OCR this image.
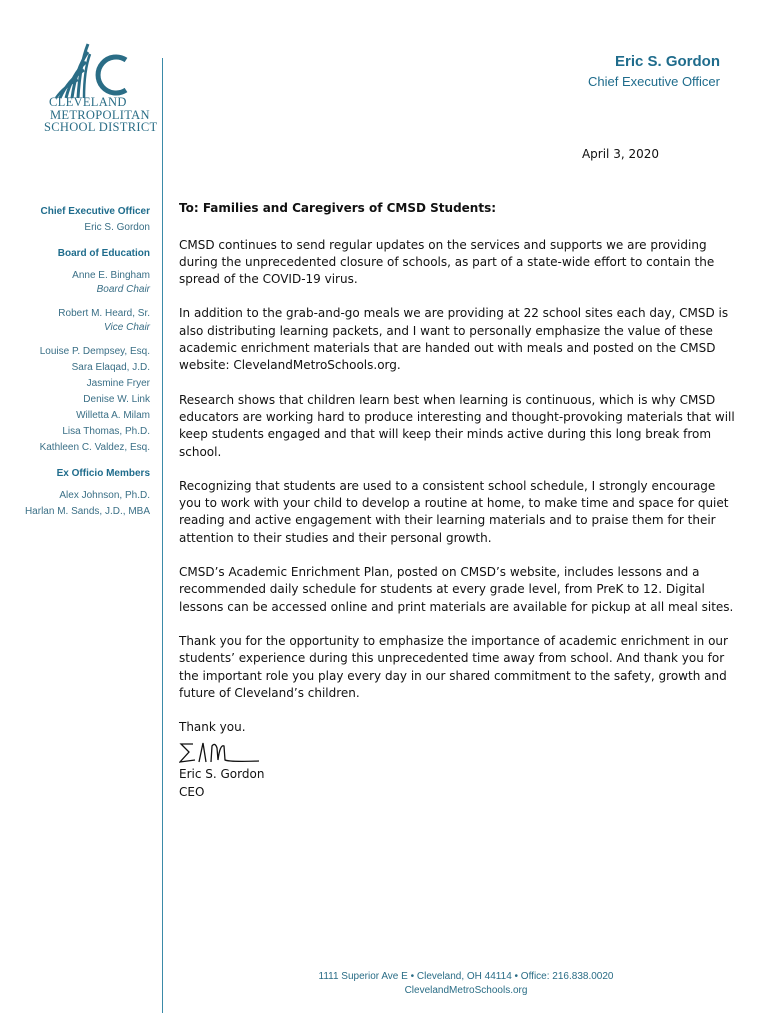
CLEVELAND
METROPOLITAN
SCHOOL DISTRICT
Eric S. Gordon
Chief Executive Officer
Chief Executive Officer
Eric S. Gordon
Board of Education
Anne E. Bingham
Board Chair
Robert M. Heard, Sr.
Vice Chair
Louise P. Dempsey, Esq.
Sara Elaqad, J.D.
Jasmine Fryer
Denise W. Link
Willetta A. Milam
Lisa Thomas, Ph.D.
Kathleen C. Valdez, Esq.
Ex Officio Members
Alex Johnson, Ph.D.
Harlan M. Sands, J.D., MBA
April 3, 2020
To: Families and Caregivers of CMSD Students:

CMSD continues to send regular updates on the services and supports we are providing during the unprecedented closure of schools, as part of a state-wide effort to contain the spread of the COVID-19 virus.

In addition to the grab-and-go meals we are providing at 22 school sites each day, CMSD is also distributing learning packets, and I want to personally emphasize the value of these academic enrichment materials that are handed out with meals and posted on the CMSD website: ClevelandMetroSchools.org.

Research shows that children learn best when learning is continuous, which is why CMSD educators are working hard to produce interesting and thought-provoking materials that will keep students engaged and that will keep their minds active during this long break from school.

Recognizing that students are used to a consistent school schedule, I strongly encourage you to work with your child to develop a routine at home, to make time and space for quiet reading and active engagement with their learning materials and to praise them for their attention to their studies and their personal growth.

CMSD’s Academic Enrichment Plan, posted on CMSD’s website, includes lessons and a recommended daily schedule for students at every grade level, from PreK to 12. Digital lessons can be accessed online and print materials are available for pickup at all meal sites.

Thank you for the opportunity to emphasize the importance of academic enrichment in our students’ experience during this unprecedented time away from school. And thank you for the important role you play every day in our shared commitment to the safety, growth and future of Cleveland’s children.

Thank you.
Eric S. Gordon
CEO
1111 Superior Ave E • Cleveland, OH 44114 • Office: 216.838.0020
ClevelandMetroSchools.org
